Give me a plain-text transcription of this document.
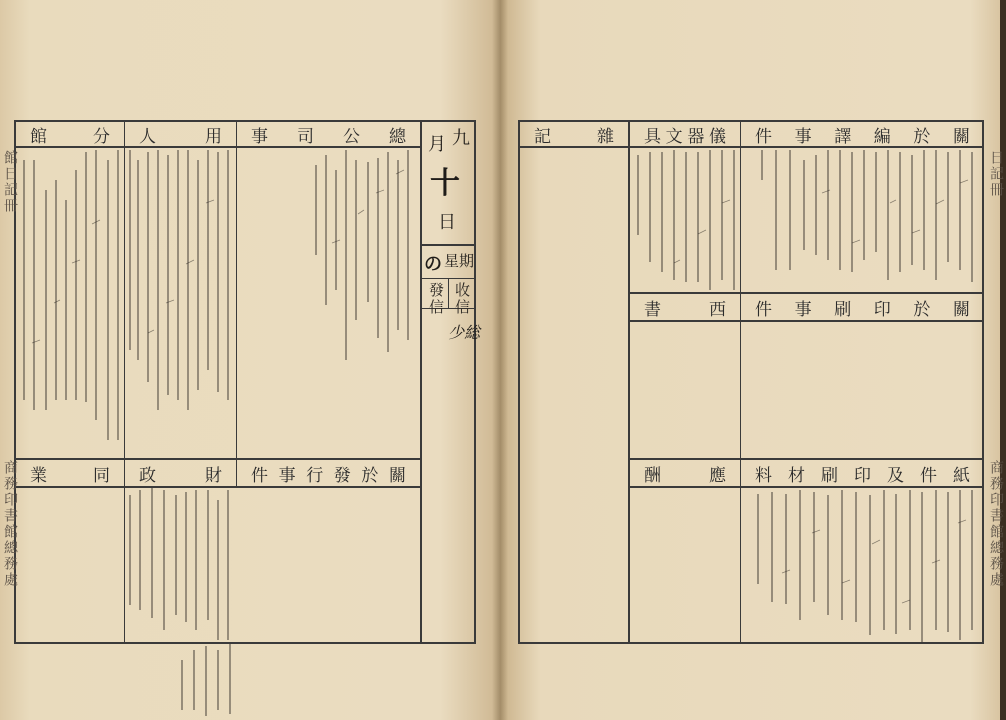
總
公
司
事
用
人
分
館
關
於
發
行
事
件
財
政
同
業
九
月
十
日
星期
の
收信
發信
少総
館日記冊
商務印書館總務處
關
於
編
譯
事
件
儀
器
文
具
雜
記
關
於
印
刷
事
件
西
書
紙
件
及
印
刷
材
料
應
酬
日記冊
商務印書館總務處
